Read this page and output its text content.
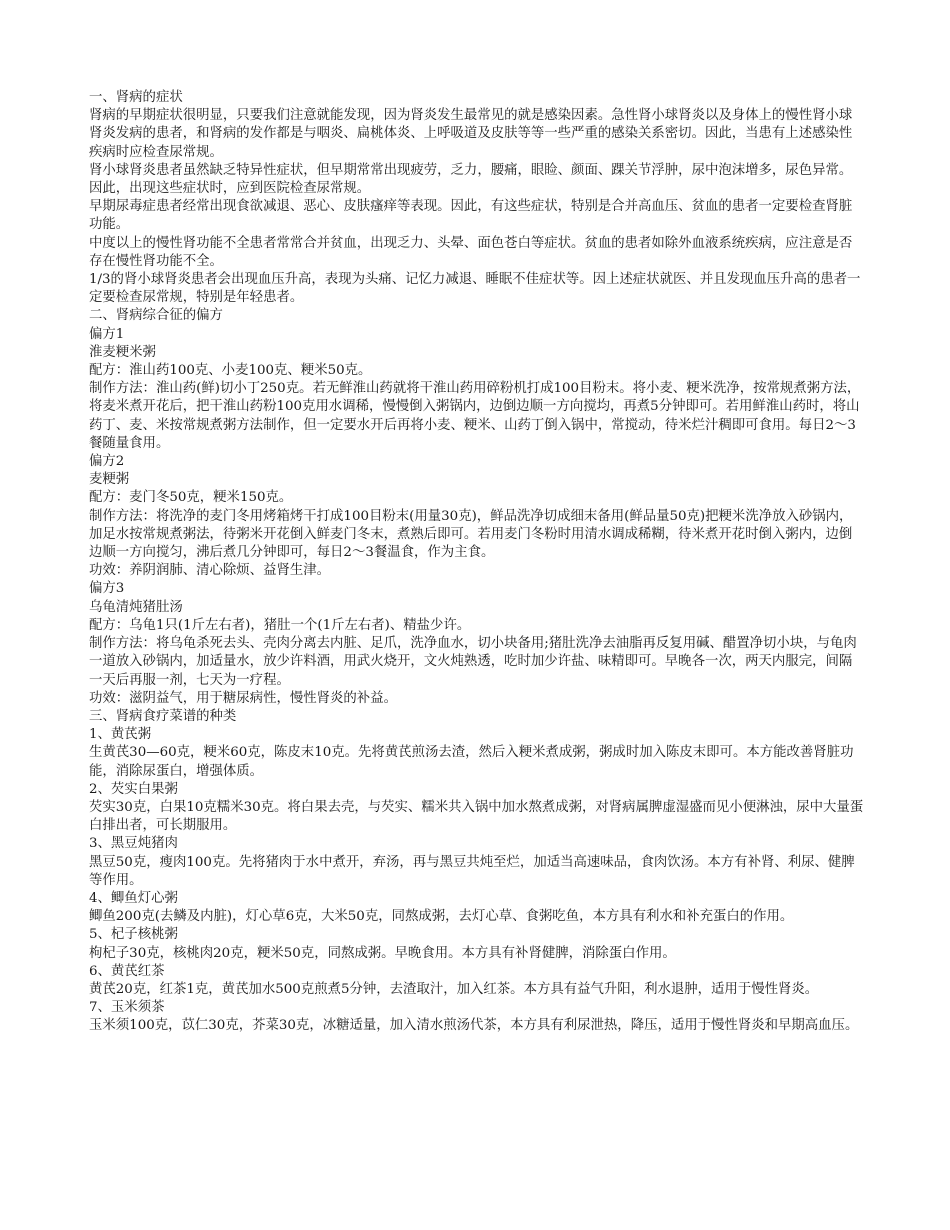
一、肾病的症状

肾病的早期症状很明显，只要我们注意就能发现，因为肾炎发生最常见的就是感染因素。急性肾小球肾炎以及身体上的慢性肾小球肾炎发病的患者，和肾病的发作都是与咽炎、扁桃体炎、上呼吸道及皮肤等等一些严重的感染关系密切。因此，当患有上述感染性疾病时应检查尿常规。

肾小球肾炎患者虽然缺乏特异性症状，但早期常常出现疲劳，乏力，腰痛，眼睑、颜面、踝关节浮肿，尿中泡沫增多，尿色异常。因此，出现这些症状时，应到医院检查尿常规。

早期尿毒症患者经常出现食欲减退、恶心、皮肤瘙痒等表现。因此，有这些症状，特别是合并高血压、贫血的患者一定要检查肾脏功能。

中度以上的慢性肾功能不全患者常常合并贫血，出现乏力、头晕、面色苍白等症状。贫血的患者如除外血液系统疾病，应注意是否存在慢性肾功能不全。

1/3的肾小球肾炎患者会出现血压升高，表现为头痛、记忆力减退、睡眠不佳症状等。因上述症状就医、并且发现血压升高的患者一定要检查尿常规，特别是年轻患者。

二、肾病综合征的偏方

偏方1

淮麦粳米粥

配方：淮山药100克、小麦100克、粳米50克。

制作方法：淮山药(鲜)切小丁250克。若无鲜淮山药就将干淮山药用碎粉机打成100目粉末。将小麦、粳米洗净，按常规煮粥方法，将麦米煮开花后，把干淮山药粉100克用水调稀，慢慢倒入粥锅内，边倒边顺一方向搅均，再煮5分钟即可。若用鲜淮山药时，将山药丁、麦、米按常规煮粥方法制作，但一定要水开后再将小麦、粳米、山药丁倒入锅中，常搅动，待米烂汁稠即可食用。每日2～3餐随量食用。

偏方2

麦粳粥

配方：麦门冬50克，粳米150克。

制作方法：将洗净的麦门冬用烤箱烤干打成100目粉末(用量30克)，鲜品洗净切成细末备用(鲜品量50克)把粳米洗净放入砂锅内，加足水按常规煮粥法，待粥米开花倒入鲜麦门冬末，煮熟后即可。若用麦门冬粉时用清水调成稀糊，待米煮开花时倒入粥内，边倒边顺一方向搅匀，沸后煮几分钟即可，每日2～3餐温食，作为主食。

功效：养阴润肺、清心除烦、益肾生津。

偏方3

乌龟清炖猪肚汤

配方：乌龟1只(1斤左右者)，猪肚一个(1斤左右者)、精盐少许。

制作方法：将乌龟杀死去头、壳肉分离去内脏、足爪，洗净血水，切小块备用;猪肚洗净去油脂再反复用碱、醋置净切小块，与龟肉一道放入砂锅内，加适量水，放少许料酒，用武火烧开，文火炖熟透，吃时加少许盐、味精即可。早晚各一次，两天内服完，间隔一天后再服一剂，七天为一疗程。

功效：滋阴益气，用于糖尿病性，慢性肾炎的补益。

三、肾病食疗菜谱的种类

1、黄芪粥

生黄芪30—60克，粳米60克，陈皮末10克。先将黄芪煎汤去渣，然后入粳米煮成粥，粥成时加入陈皮末即可。本方能改善肾脏功能，消除尿蛋白，增强体质。

2、芡实白果粥

芡实30克，白果10克糯米30克。将白果去壳，与芡实、糯米共入锅中加水熬煮成粥，对肾病属脾虚湿盛而见小便淋浊，尿中大量蛋白排出者，可长期服用。

3、黑豆炖猪肉

黑豆50克，瘦肉100克。先将猪肉于水中煮开，弃汤，再与黑豆共炖至烂，加适当高速味品，食肉饮汤。本方有补肾、利尿、健脾等作用。

4、鲫鱼灯心粥

鲫鱼200克(去鳞及内脏)，灯心草6克，大米50克，同熬成粥，去灯心草、食粥吃鱼，本方具有利水和补充蛋白的作用。

5、杞子核桃粥

枸杞子30克，核桃肉20克，粳米50克，同熬成粥。早晚食用。本方具有补肾健脾，消除蛋白作用。

6、黄芪红茶

黄芪20克，红茶1克，黄芪加水500克煎煮5分钟，去渣取汁，加入红茶。本方具有益气升阳，利水退肿，适用于慢性肾炎。

7、玉米须茶

玉米须100克，苡仁30克，芥菜30克，冰糖适量，加入清水煎汤代茶，本方具有利尿泄热，降压，适用于慢性肾炎和早期高血压。
